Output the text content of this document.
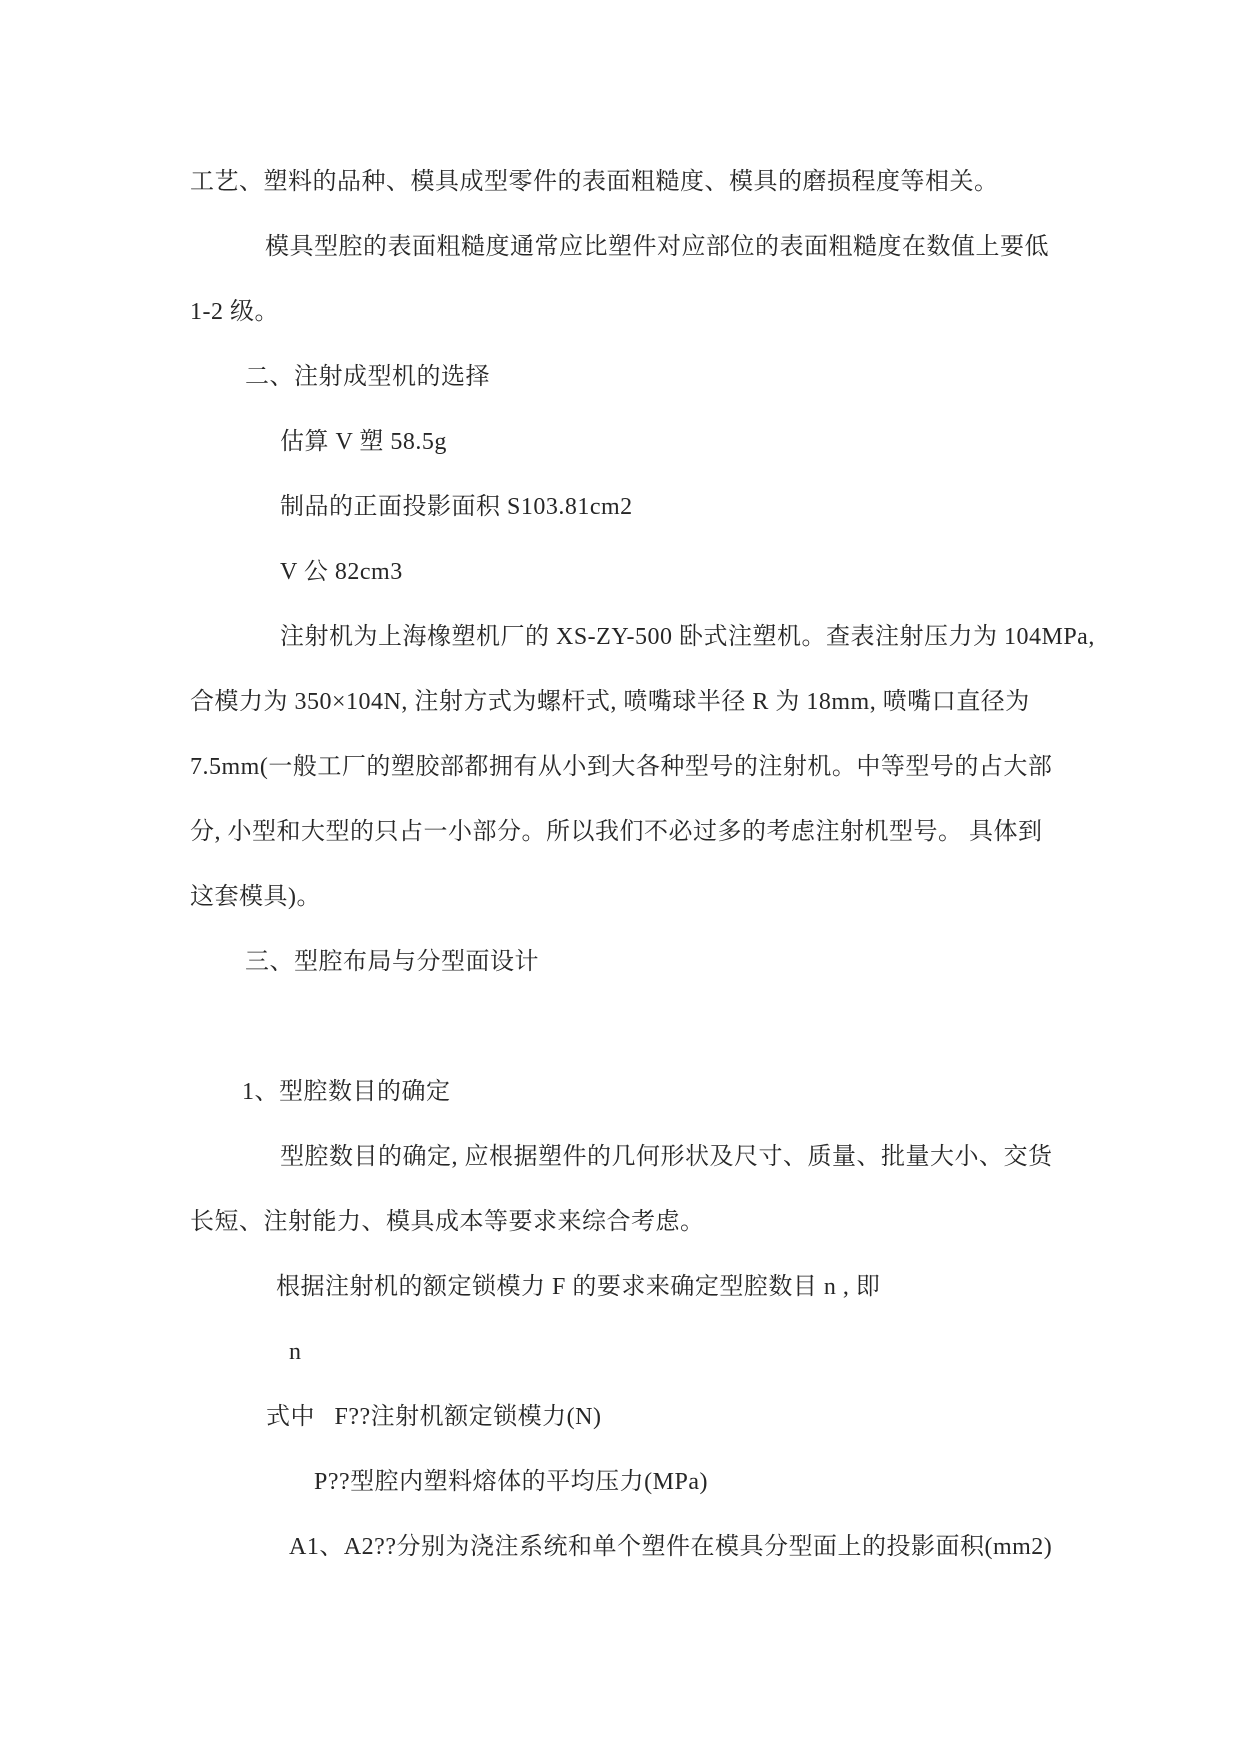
工艺、塑料的品种、模具成型零件的表面粗糙度、模具的磨损程度等相关。
模具型腔的表面粗糙度通常应比塑件对应部位的表面粗糙度在数值上要低
1-2 级。
二、注射成型机的选择
估算 V 塑 58.5g
制品的正面投影面积 S103.81cm2
V 公 82cm3
注射机为上海橡塑机厂的 XS-ZY-500 卧式注塑机。查表注射压力为 104MPa,
合模力为 350×104N, 注射方式为螺杆式, 喷嘴球半径 R 为 18mm, 喷嘴口直径为
7.5mm(一般工厂的塑胶部都拥有从小到大各种型号的注射机。中等型号的占大部
分, 小型和大型的只占一小部分。所以我们不必过多的考虑注射机型号。 具体到
这套模具)。
三、型腔布局与分型面设计
1、型腔数目的确定
型腔数目的确定, 应根据塑件的几何形状及尺寸、质量、批量大小、交货
长短、注射能力、模具成本等要求来综合考虑。
根据注射机的额定锁模力 F 的要求来确定型腔数目 n , 即
n
式中   F??注射机额定锁模力(N)
P??型腔内塑料熔体的平均压力(MPa)
A1、A2??分别为浇注系统和单个塑件在模具分型面上的投影面积(mm2)
